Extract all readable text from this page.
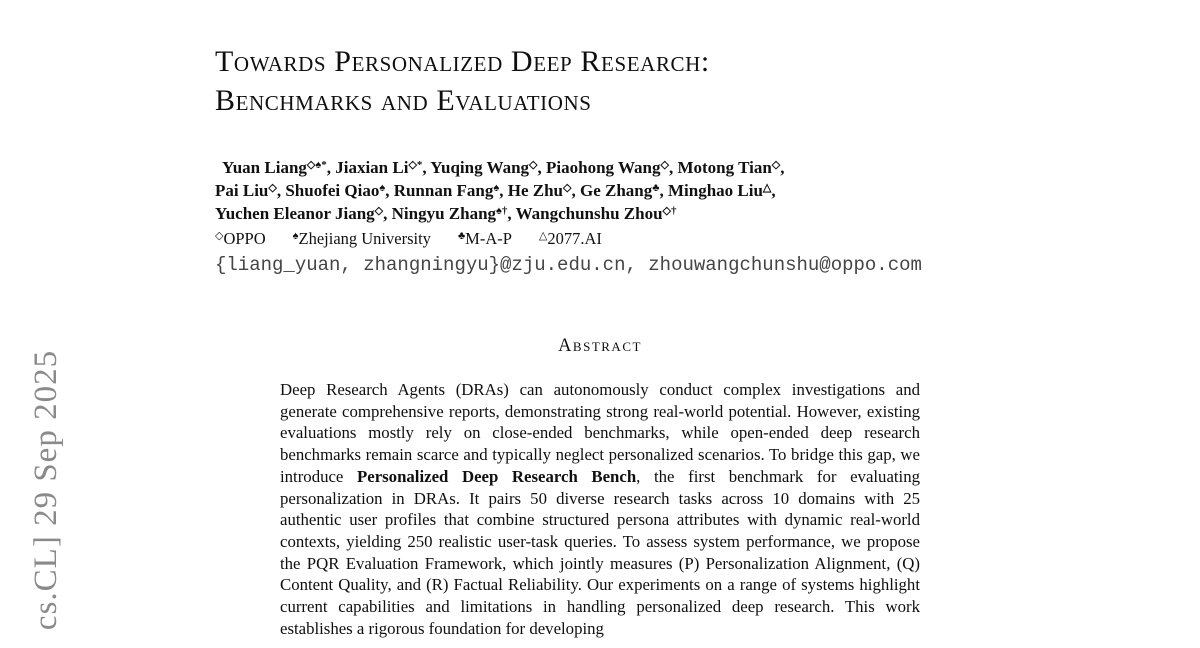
cs.CL] 29 Sep 2025
Towards Personalized Deep Research:
Benchmarks and Evaluations
Yuan Liang◇♠*, Jiaxian Li◇*, Yuqing Wang◇, Piaohong Wang◇, Motong Tian◇,
Pai Liu◇, Shuofei Qiao♠, Runnan Fang♠, He Zhu◇, Ge Zhang♣, Minghao Liu△,
Yuchen Eleanor Jiang◇, Ningyu Zhang♠†, Wangchunshu Zhou◇†
◇OPPO ♠Zhejiang University ♣M-A-P △2077.AI
{liang_yuan, zhangningyu}@zju.edu.cn, zhouwangchunshu@oppo.com
Abstract
Deep Research Agents (DRAs) can autonomously conduct complex investigations and generate comprehensive reports, demonstrating strong real-world potential. However, existing evaluations mostly rely on close-ended benchmarks, while open-ended deep research benchmarks remain scarce and typically neglect personalized scenarios. To bridge this gap, we introduce Personalized Deep Research Bench, the first benchmark for evaluating personalization in DRAs. It pairs 50 diverse research tasks across 10 domains with 25 authentic user profiles that combine structured persona attributes with dynamic real-world contexts, yielding 250 realistic user-task queries. To assess system performance, we propose the PQR Evaluation Framework, which jointly measures (P) Personalization Alignment, (Q) Content Quality, and (R) Factual Reliability. Our experiments on a range of systems highlight current capabilities and limitations in handling personalized deep research. This work establishes a rigorous foundation for developing
